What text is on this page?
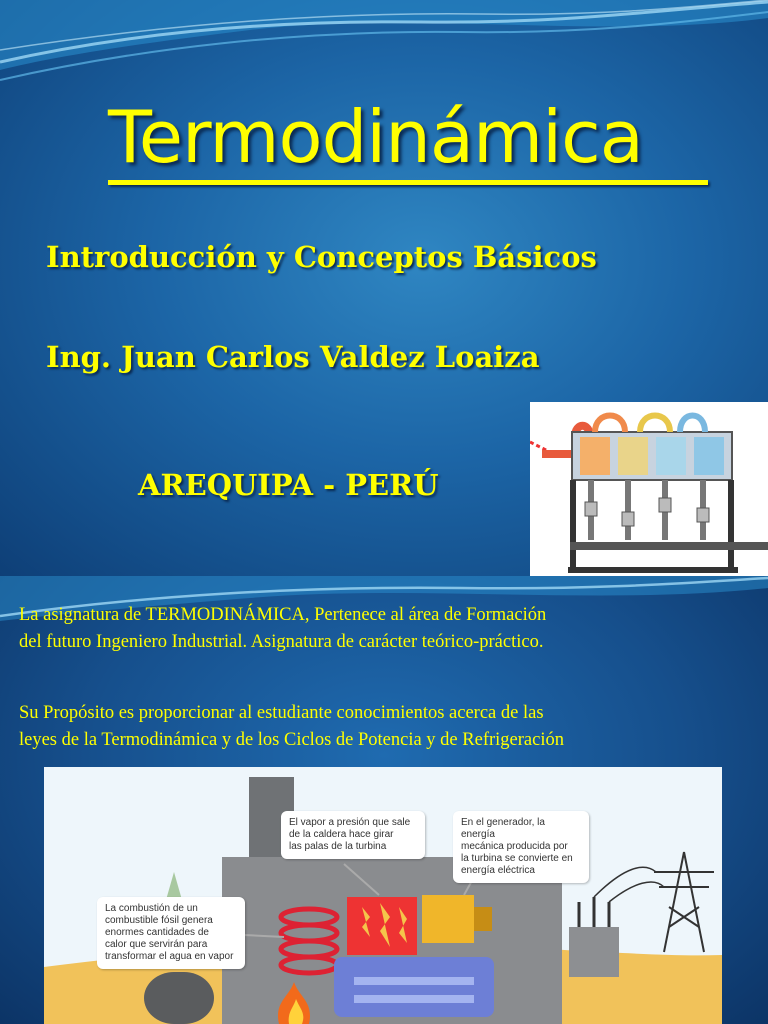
Termodinámica
Introducción y Conceptos Básicos
Ing. Juan Carlos Valdez Loaiza
AREQUIPA - PERÚ
La asignatura de TERMODINÁMICA, Pertenece al área de Formación
del futuro Ingeniero Industrial. Asignatura de carácter teórico-práctico.
Su Propósito es proporcionar al estudiante conocimientos acerca de las
leyes de la Termodinámica y de los Ciclos de Potencia y de Refrigeración
El vapor a presión que sale
de la caldera hace girar
las palas de la turbina
En el generador, la energía
mecánica producida por
la turbina se convierte en
energía eléctrica
La combustión de un
combustible fósil genera
enormes cantidades de
calor que servirán para
transformar el agua en vapor
